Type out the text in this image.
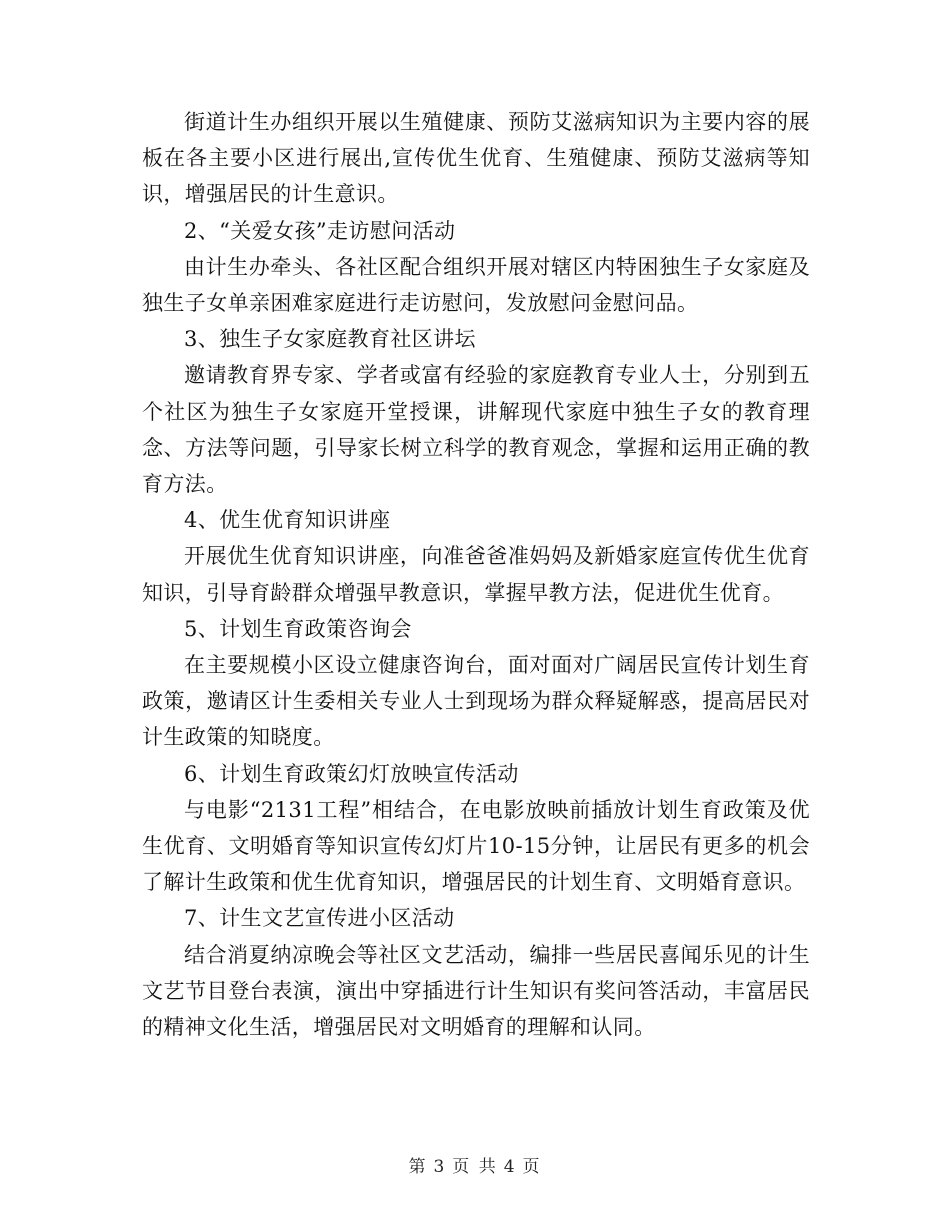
街道计生办组织开展以生殖健康、预防艾滋病知识为主要内容的展板在各主要小区进行展出,宣传优生优育、生殖健康、预防艾滋病等知识，增强居民的计生意识。

2、“关爱女孩”走访慰问活动

由计生办牵头、各社区配合组织开展对辖区内特困独生子女家庭及独生子女单亲困难家庭进行走访慰问，发放慰问金慰问品。

3、独生子女家庭教育社区讲坛

邀请教育界专家、学者或富有经验的家庭教育专业人士，分别到五个社区为独生子女家庭开堂授课，讲解现代家庭中独生子女的教育理念、方法等问题，引导家长树立科学的教育观念，掌握和运用正确的教育方法。

4、优生优育知识讲座

开展优生优育知识讲座，向准爸爸准妈妈及新婚家庭宣传优生优育知识，引导育龄群众增强早教意识，掌握早教方法，促进优生优育。

5、计划生育政策咨询会

在主要规模小区设立健康咨询台，面对面对广阔居民宣传计划生育政策，邀请区计生委相关专业人士到现场为群众释疑解惑，提高居民对计生政策的知晓度。

6、计划生育政策幻灯放映宣传活动

与电影“2131工程”相结合，在电影放映前插放计划生育政策及优生优育、文明婚育等知识宣传幻灯片10-15分钟，让居民有更多的机会了解计生政策和优生优育知识，增强居民的计划生育、文明婚育意识。

7、计生文艺宣传进小区活动

结合消夏纳凉晚会等社区文艺活动，编排一些居民喜闻乐见的计生文艺节目登台表演，演出中穿插进行计生知识有奖问答活动，丰富居民的精神文化生活，增强居民对文明婚育的理解和认同。

第 3 页 共 4 页
